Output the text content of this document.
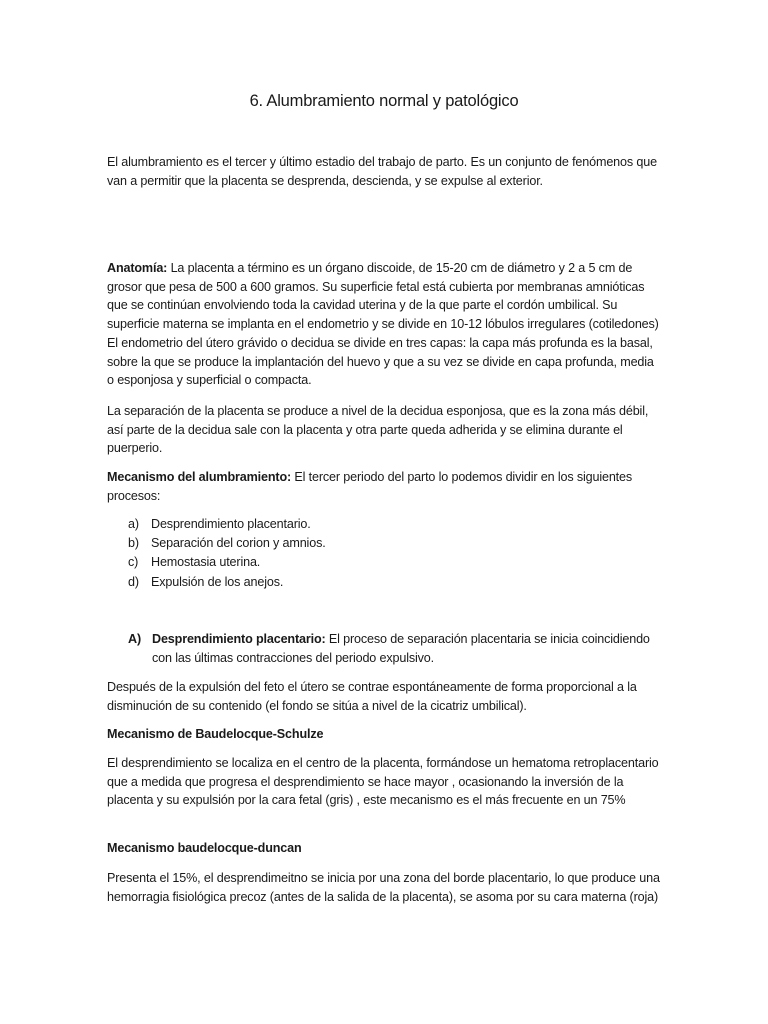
6. Alumbramiento normal y patológico

El alumbramiento es el tercer y último estadio del trabajo de parto. Es un conjunto de fenómenos que van a permitir que la placenta se desprenda, descienda, y se expulse al exterior.

Anatomía: La placenta a término es un órgano discoide, de 15-20 cm de diámetro y 2 a 5 cm de grosor que pesa de 500 a 600 gramos. Su superficie fetal está cubierta por membranas amnióticas que se continúan envolviendo toda la cavidad uterina y de la que parte el cordón umbilical. Su superficie materna se implanta en el endometrio y se divide en 10-12 lóbulos irregulares (cotiledones)

El endometrio del útero grávido o decidua se divide en tres capas: la capa más profunda es la basal, sobre la que se produce la implantación del huevo y que a su vez se divide en capa profunda, media o esponjosa y superficial o compacta.

La separación de la placenta se produce a nivel de la decidua esponjosa, que es la zona más débil, así parte de la decidua sale con la placenta y otra parte queda adherida y se elimina durante el puerperio.

Mecanismo del alumbramiento: El tercer periodo del parto lo podemos dividir en los siguientes procesos:

a) Desprendimiento placentario.
b) Separación del corion y amnios.
c) Hemostasia uterina.
d) Expulsión de los anejos.
A) Desprendimiento placentario: El proceso de separación placentaria se inicia coincidiendo con las últimas contracciones del periodo expulsivo.

Después de la expulsión del feto el útero se contrae espontáneamente de forma proporcional a la disminución de su contenido (el fondo se sitúa a nivel de la cicatriz umbilical).

Mecanismo de Baudelocque-Schulze

El desprendimiento se localiza en el centro de la placenta, formándose un hematoma retroplacentario que a medida que progresa el desprendimiento se hace mayor , ocasionando la inversión de la placenta y su expulsión por la cara fetal (gris) , este mecanismo es el más frecuente en un 75%

Mecanismo baudelocque-duncan

Presenta el 15%, el desprendimeitno se inicia por una zona del borde placentario, lo que produce una hemorragia fisiológica precoz (antes de la salida de la placenta), se asoma por su cara materna (roja)
